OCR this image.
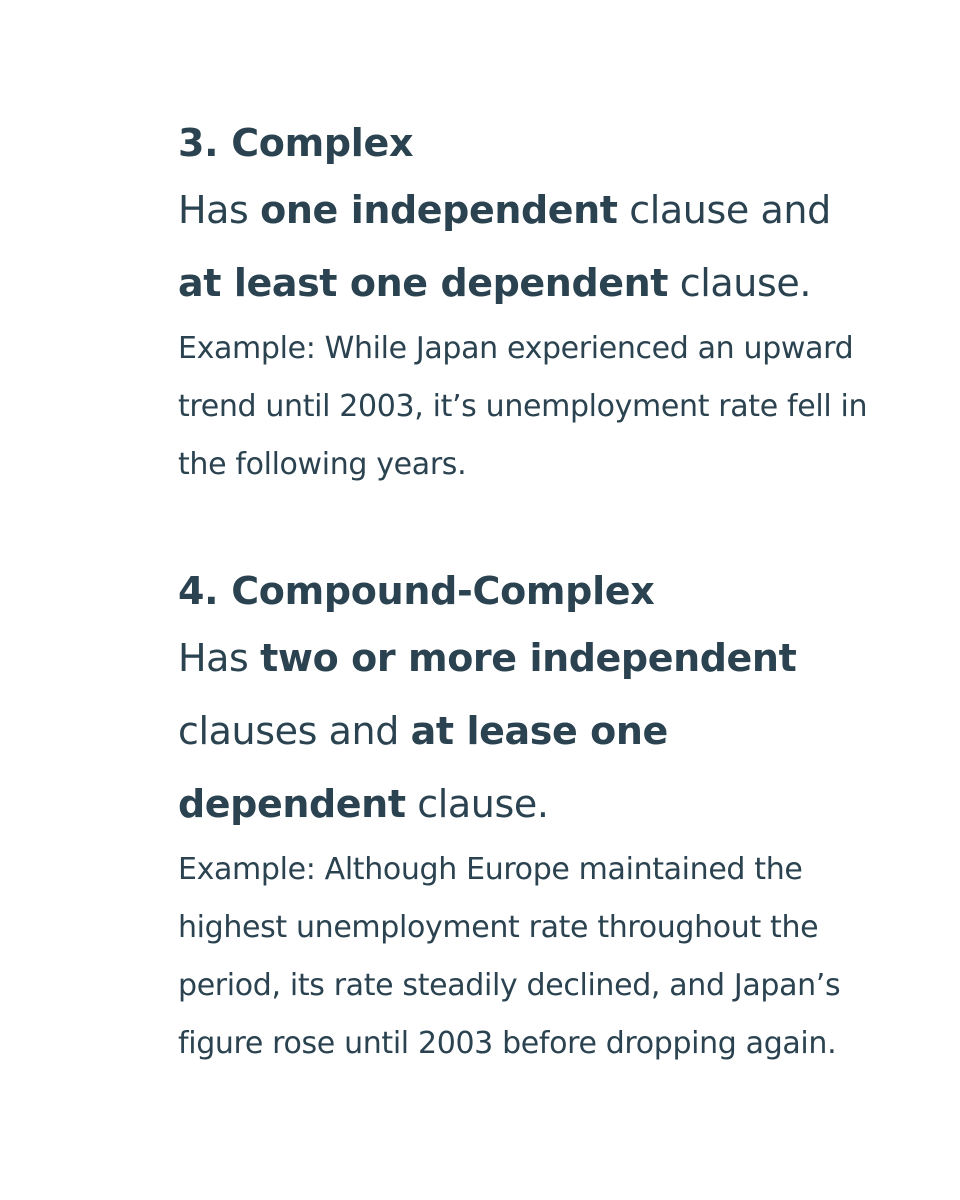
3. Complex

Has one independent clause and
at least one dependent clause.

Example: While Japan experienced an upward trend until 2003, it’s unemployment rate fell in the following years.

4. Compound-Complex

Has two or more independent clauses and at lease one dependent clause.

Example: Although Europe maintained the highest unemployment rate throughout the period, its rate steadily declined, and Japan’s figure rose until 2003 before dropping again.
